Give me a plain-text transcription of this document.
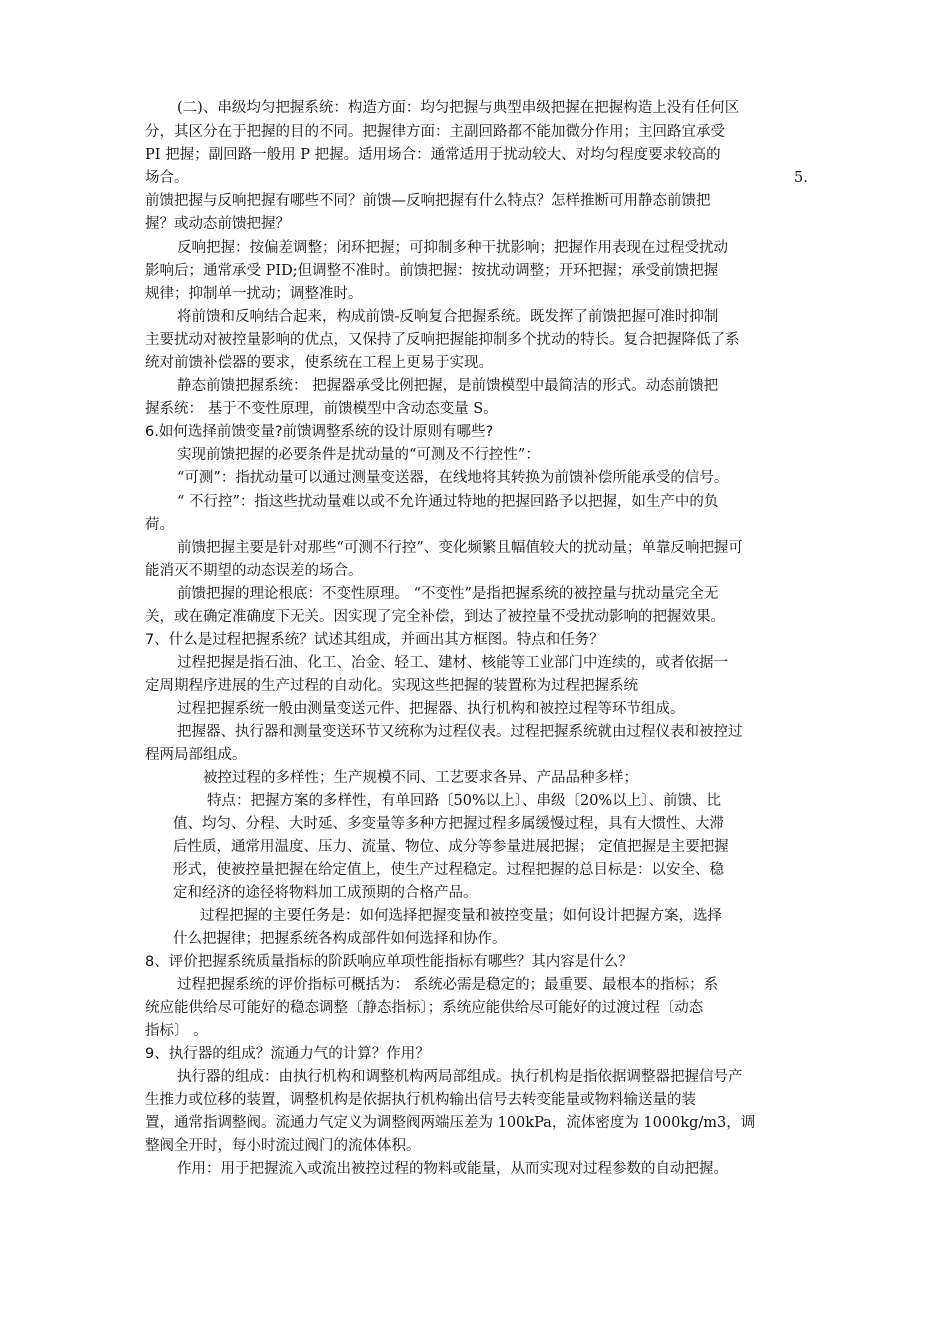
(二)、串级均匀把握系统：构造方面：均匀把握与典型串级把握在把握构造上没有任何区
分，其区分在于把握的目的不同。把握律方面：主副回路都不能加微分作用；主回路宜承受
PI 把握；副回路一般用 P 把握。适用场合：通常适用于扰动较大、对均匀程度要求较高的
场合。	5.
前馈把握与反响把握有哪些不同？前馈—反响把握有什么特点？怎样推断可用静态前馈把
握？或动态前馈把握？
反响把握：按偏差调整；闭环把握；可抑制多种干扰影响；把握作用表现在过程受扰动
影响后；通常承受 PID;但调整不准时。前馈把握：按扰动调整；开环把握；承受前馈把握
规律；抑制单一扰动；调整准时。
将前馈和反响结合起来，构成前馈-反响复合把握系统。既发挥了前馈把握可准时抑制
主要扰动对被控量影响的优点，又保持了反响把握能抑制多个扰动的特长。复合把握降低了系
统对前馈补偿器的要求，使系统在工程上更易于实现。
静态前馈把握系统： 把握器承受比例把握，是前馈模型中最简洁的形式。动态前馈把
握系统： 基于不变性原理，前馈模型中含动态变量 S。
6.如何选择前馈变量?前馈调整系统的设计原则有哪些?
实现前馈把握的必要条件是扰动量的“可测及不行控性”：
“可测”：指扰动量可以通过测量变送器，在线地将其转换为前馈补偿所能承受的信号。
“ 不行控”：指这些扰动量难以或不允许通过特地的把握回路予以把握，如生产中的负
荷。
前馈把握主要是针对那些“可测不行控”、变化频繁且幅值较大的扰动量；单靠反响把握可
能消灭不期望的动态误差的场合。
前馈把握的理论根底：不变性原理。 “不变性”是指把握系统的被控量与扰动量完全无
关，或在确定准确度下无关。因实现了完全补偿，到达了被控量不受扰动影响的把握效果。
7、什么是过程把握系统？试述其组成，并画出其方框图。特点和任务？
过程把握是指石油、化工、冶金、轻工、建材、核能等工业部门中连续的，或者依据一
定周期程序进展的生产过程的自动化。实现这些把握的装置称为过程把握系统
过程把握系统一般由测量变送元件、把握器、执行机构和被控过程等环节组成。
把握器、执行器和测量变送环节又统称为过程仪表。过程把握系统就由过程仪表和被控过
程两局部组成。
被控过程的多样性；生产规模不同、工艺要求各异、产品品种多样；
特点：把握方案的多样性，有单回路〔50%以上〕、串级〔20%以上〕、前馈、比
值、均匀、分程、大时延、多变量等多种方把握过程多属缓慢过程，具有大惯性、大滞
后性质，通常用温度、压力、流量、物位、成分等参量进展把握； 定值把握是主要把握
形式，使被控量把握在给定值上，使生产过程稳定。过程把握的总目标是：以安全、稳
定和经济的途径将物料加工成预期的合格产品。
过程把握的主要任务是：如何选择把握变量和被控变量；如何设计把握方案，选择
什么把握律；把握系统各构成部件如何选择和协作。
8、评价把握系统质量指标的阶跃响应单项性能指标有哪些？其内容是什么？
过程把握系统的评价指标可概括为： 系统必需是稳定的；最重要、最根本的指标；系
统应能供给尽可能好的稳态调整〔静态指标〕；系统应能供给尽可能好的过渡过程〔动态
指标〕 。
9、执行器的组成？流通力气的计算？作用？
执行器的组成：由执行机构和调整机构两局部组成。执行机构是指依据调整器把握信号产
生推力或位移的装置，调整机构是依据执行机构输出信号去转变能量或物料输送量的装
置，通常指调整阀。流通力气定义为调整阀两端压差为 100kPa，流体密度为 1000kg/m3，调
整阀全开时，每小时流过阀门的流体体积。
作用：用于把握流入或流出被控过程的物料或能量，从而实现对过程参数的自动把握。
